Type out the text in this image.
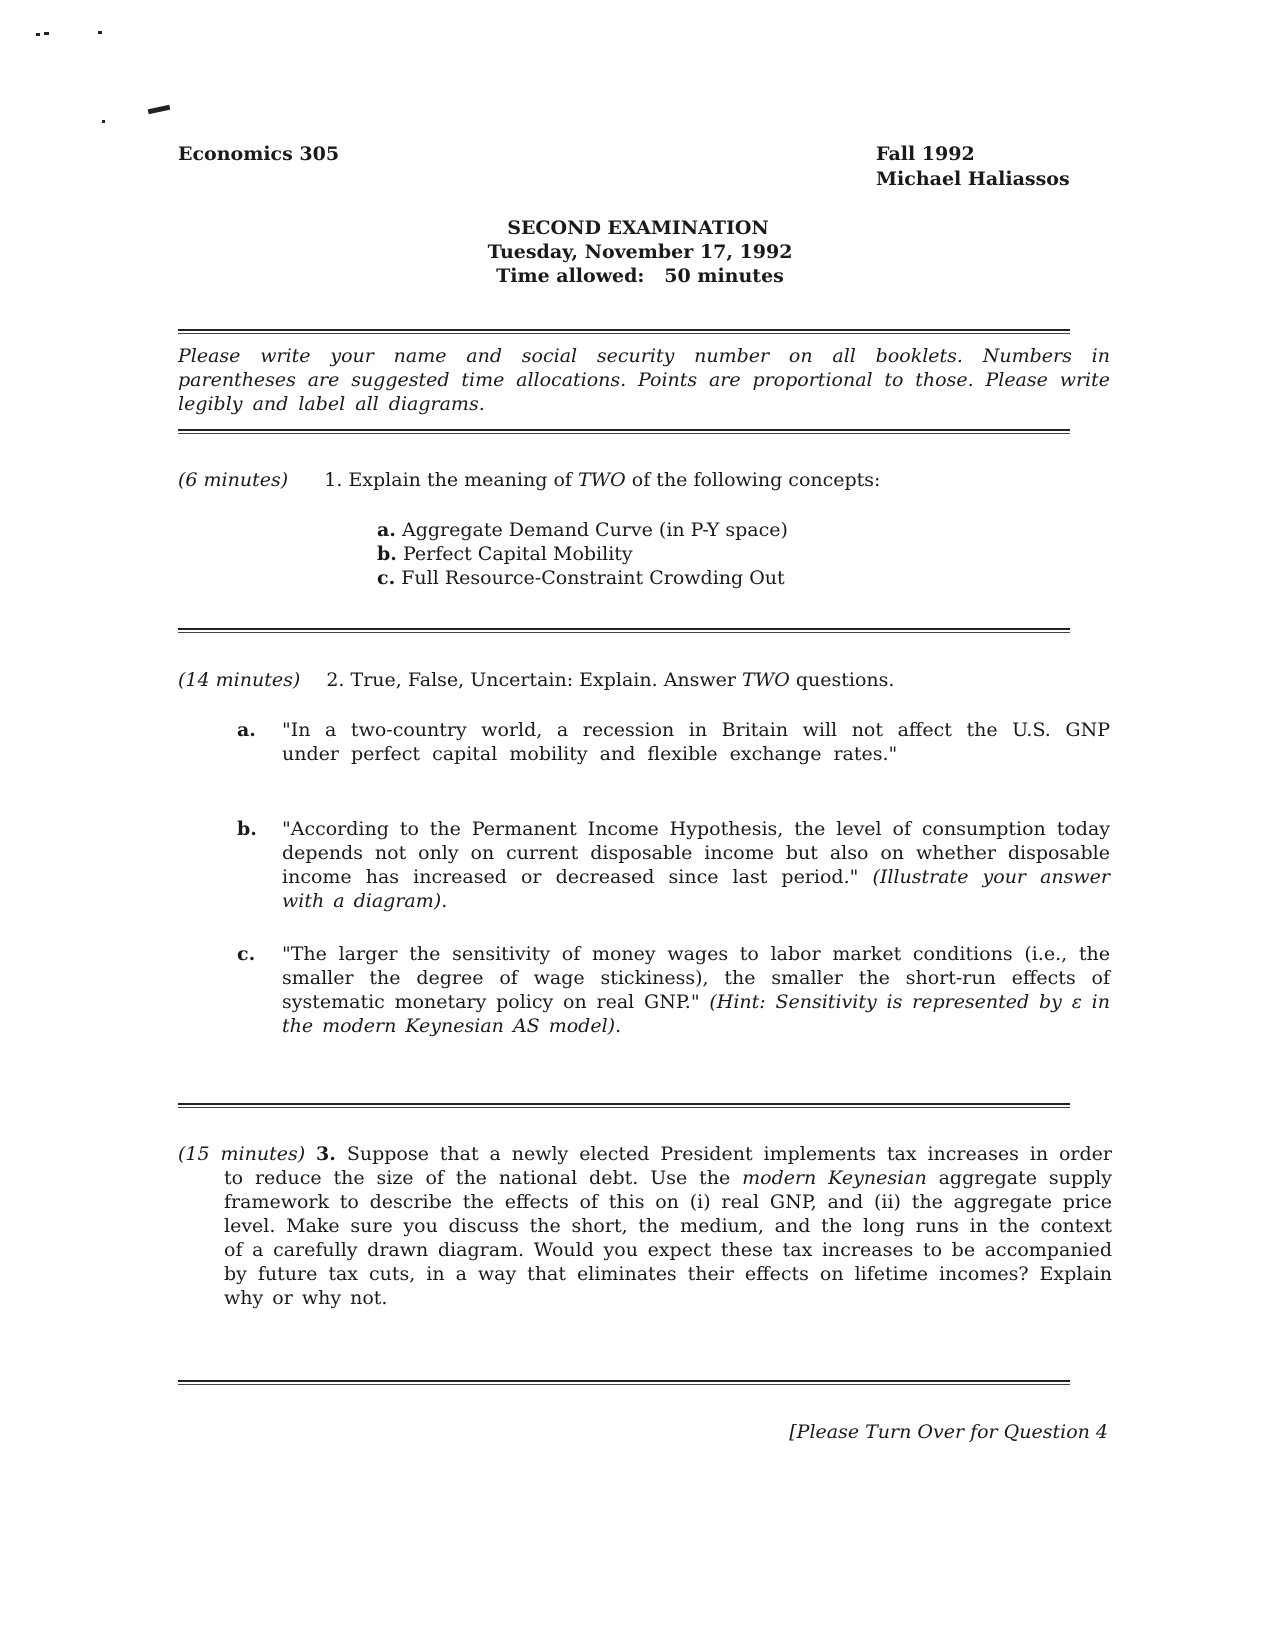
Economics 305	Fall 1992
Michael Haliassos
SECOND EXAMINATION
Tuesday, November 17, 1992
Time allowed: 50 minutes
Please write your name and social security number on all booklets. Numbers in parentheses are suggested time allocations. Points are proportional to those. Please write legibly and label all diagrams.
(6 minutes) 1. Explain the meaning of TWO of the following concepts:
a. Aggregate Demand Curve (in P-Y space)
b. Perfect Capital Mobility
c. Full Resource-Constraint Crowding Out
(14 minutes) 2. True, False, Uncertain: Explain. Answer TWO questions.
a. "In a two-country world, a recession in Britain will not affect the U.S. GNP under perfect capital mobility and flexible exchange rates."
b. "According to the Permanent Income Hypothesis, the level of consumption today depends not only on current disposable income but also on whether disposable income has increased or decreased since last period." (Illustrate your answer with a diagram).
c. "The larger the sensitivity of money wages to labor market conditions (i.e., the smaller the degree of wage stickiness), the smaller the short-run effects of systematic monetary policy on real GNP." (Hint: Sensitivity is represented by ε in the modern Keynesian AS model).
(15 minutes) 3. Suppose that a newly elected President implements tax increases in order to reduce the size of the national debt. Use the modern Keynesian aggregate supply framework to describe the effects of this on (i) real GNP, and (ii) the aggregate price level. Make sure you discuss the short, the medium, and the long runs in the context of a carefully drawn diagram. Would you expect these tax increases to be accompanied by future tax cuts, in a way that eliminates their effects on lifetime incomes? Explain why or why not.
[Please Turn Over for Question 4
